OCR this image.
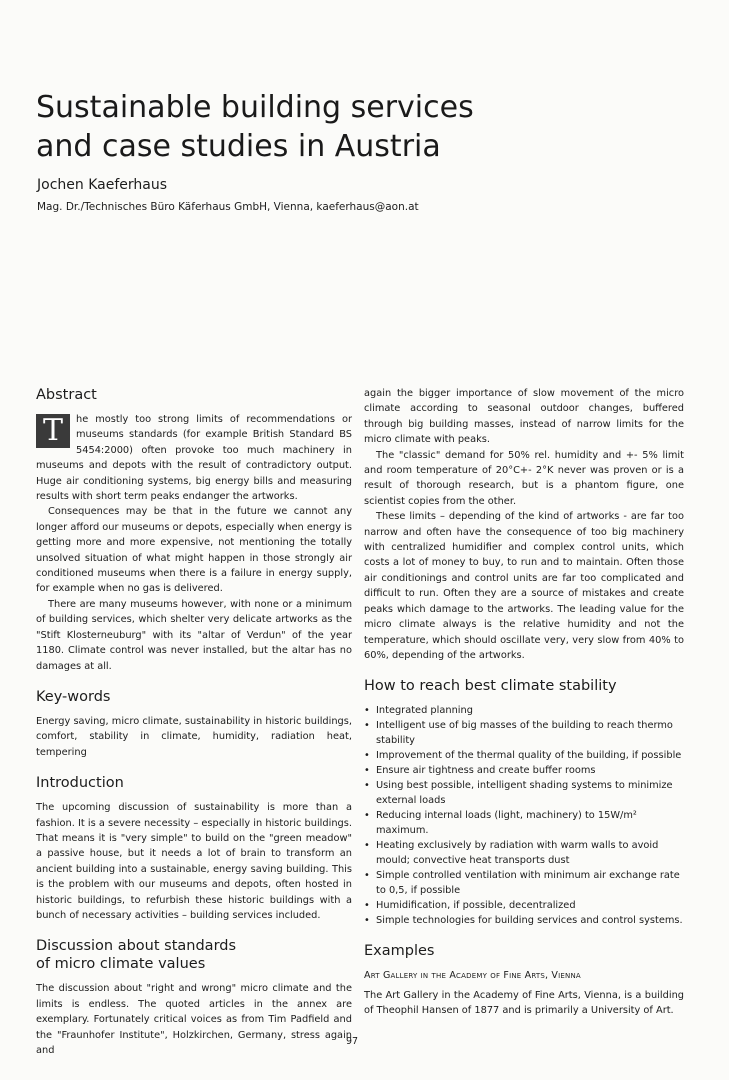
Sustainable building services
and case studies in Austria

Jochen Kaeferhaus

Mag. Dr./Technisches Büro Käferhaus GmbH, Vienna, kaeferhaus@aon.at

Abstract
T	he mostly too strong limits of recommendations or museums standards (for example British Standard BS 5454:2000) often provoke too much machinery in museums and depots with the result of contradictory output. Huge air conditioning systems, big energy bills and measuring results with short term peaks endanger the artworks.

Consequences may be that in the future we cannot any longer afford our museums or depots, especially when energy is getting more and more expensive, not mentioning the totally unsolved situation of what might happen in those strongly air conditioned museums when there is a failure in energy supply, for example when no gas is delivered.

There are many museums however, with none or a minimum of building services, which shelter very delicate artworks as the "Stift Klosterneuburg" with its "altar of Verdun" of the year 1180. Climate control was never installed, but the altar has no damages at all.

Key-words

Energy saving, micro climate, sustainability in historic buildings, comfort, stability in climate, humidity, radiation heat, tempering

Introduction

The upcoming discussion of sustainability is more than a fashion. It is a severe necessity – especially in historic buildings. That means it is "very simple" to build on the "green meadow" a passive house, but it needs a lot of brain to transform an ancient building into a sustainable, energy saving building. This is the problem with our museums and depots, often hosted in historic buildings, to refurbish these historic buildings with a bunch of necessary activities – building services included.

Discussion about standards
of micro climate values

The discussion about "right and wrong" micro climate and the limits is endless. The quoted articles in the annex are exemplary. Fortunately critical voices as from Tim Padfield and the "Fraunhofer Institute", Holzkirchen, Germany, stress again and

again the bigger importance of slow movement of the micro climate according to seasonal outdoor changes, buffered through big building masses, instead of narrow limits for the micro climate with peaks.

The "classic" demand for 50% rel. humidity and +- 5% limit and room temperature of 20°C+- 2°K never was proven or is a result of thorough research, but is a phantom figure, one scientist copies from the other.

These limits – depending of the kind of artworks - are far too narrow and often have the consequence of too big machinery with centralized humidifier and complex control units, which costs a lot of money to buy, to run and to maintain. Often those air conditionings and control units are far too complicated and difficult to run. Often they are a source of mistakes and create peaks which damage to the artworks. The leading value for the micro climate always is the relative humidity and not the temperature, which should oscillate very, very slow from 40% to 60%, depending of the artworks.

How to reach best climate stability
• Integrated planning
• Intelligent use of big masses of the building to reach thermo stability
• Improvement of the thermal quality of the building, if possible
• Ensure air tightness and create buffer rooms
• Using best possible, intelligent shading systems to minimize external loads
• Reducing internal loads (light, machinery) to 15W/m² maximum.
• Heating exclusively by radiation with warm walls to avoid mould; convective heat transports dust
• Simple controlled ventilation with minimum air exchange rate to 0,5, if possible
• Humidification, if possible, decentralized
• Simple technologies for building services and control systems.
Examples

Art Gallery in the Academy of Fine Arts, Vienna

The Art Gallery in the Academy of Fine Arts, Vienna, is a building of Theophil Hansen of 1877 and is primarily a University of Art.

97
